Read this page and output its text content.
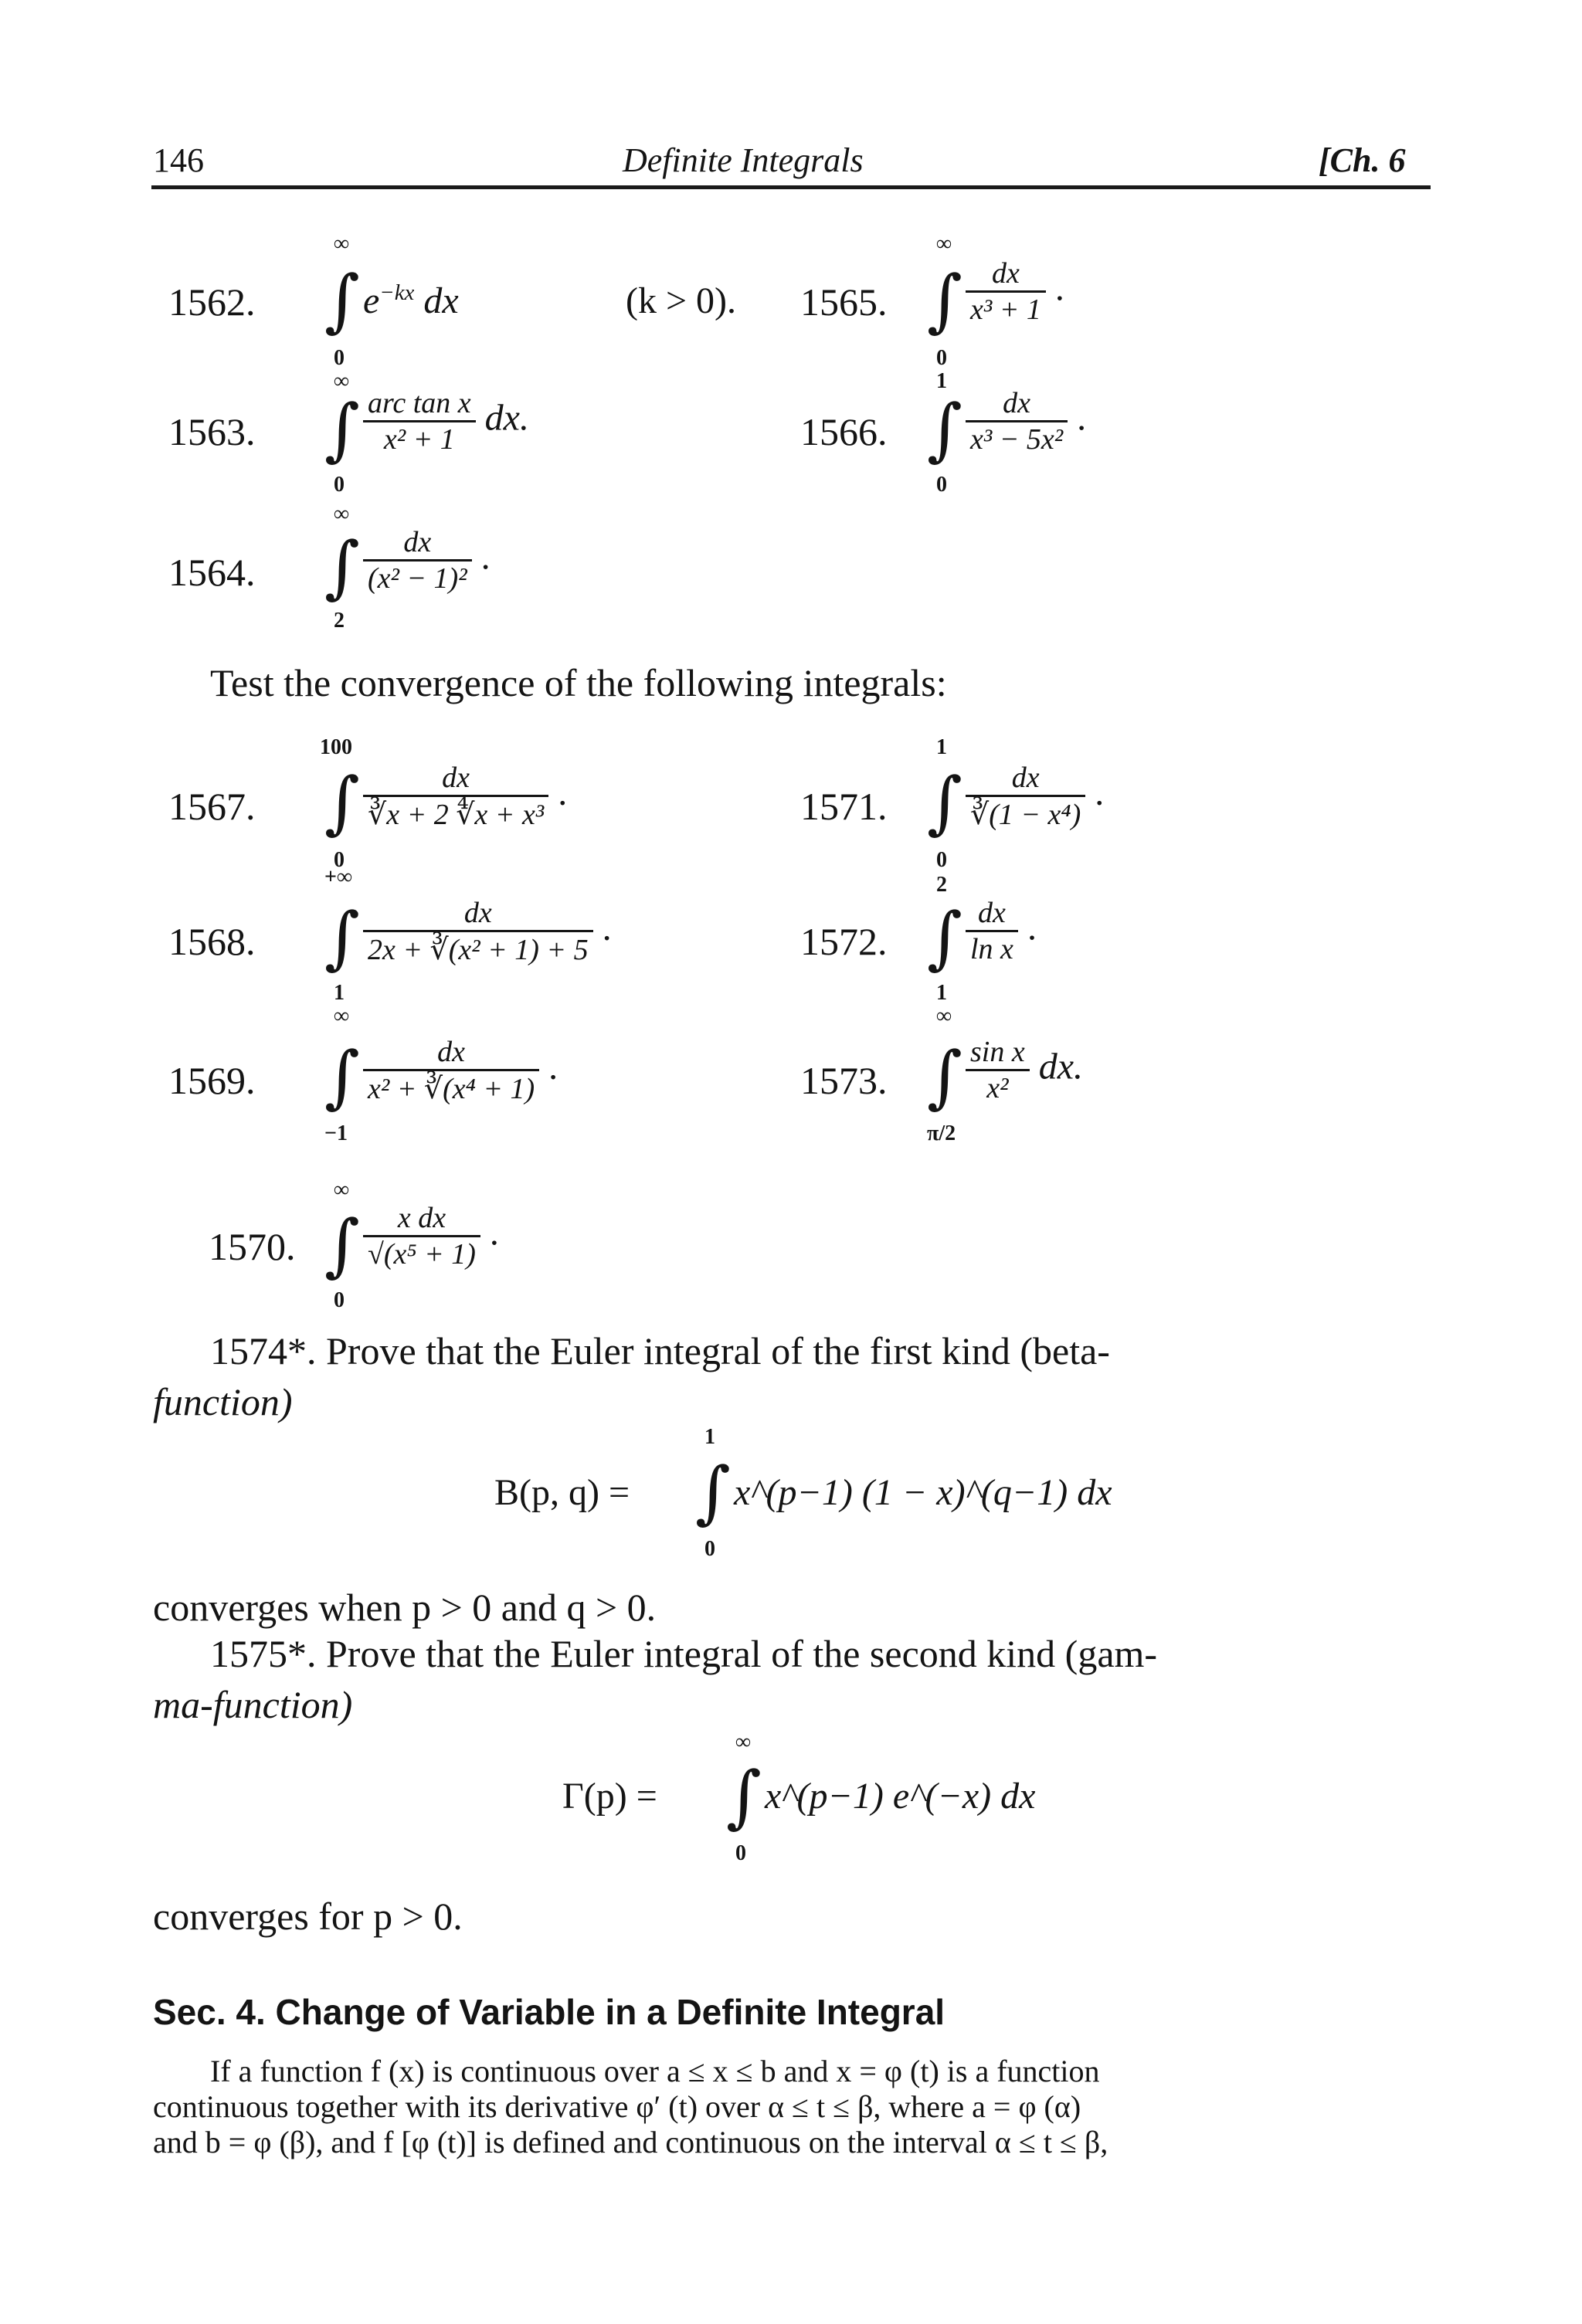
146	Definite Integrals	[Ch. 6
1562.
∞
∫
0
$e^{-kx}$ dx	(k > 0).
1563.
∞
∫
0
$\frac{\text{arc tan x}}{\text{x² + 1}}$ dx.
1564.
∞
∫
2
$\frac{dx}{\text{(x² − 1)²}}$ .
1565.
∞
∫
0
$\frac{dx}{\text{x³ + 1}}$ .
1566.
1
∫
0
$\frac{dx}{\text{x³ − 5x²}}$ .
Test the convergence of the following integrals:
1567.
100
∫
0
$\frac{dx}{\text{∛x + 2 ∜x + x³}}$ .
1568.
+∞
∫
1
$\frac{dx}{\text{2x + ∛(x² + 1) + 5}}$ .
1569.
∞
∫
−1
$\frac{dx}{\text{x² + ∛(x⁴ + 1)}}$ .
1570.
∞
∫
0
$\frac{\text{x dx}}{\text{√(x⁵ + 1)}}$ .
1571.
1
∫
0
$\frac{dx}{\text{∛(1 − x⁴)}}$ .
1572.
2
∫
1
$\frac{dx}{\text{ln x}}$ .
1573.
∞
∫
π/2
$\frac{\text{sin x}}{\text{x²}}$ dx.
1574*. Prove that the Euler integral of the first kind (beta-
function)
B(p, q) =
1
∫
0
x^(p−1) (1 − x)^(q−1) dx
converges when p > 0 and q > 0.
1575*. Prove that the Euler integral of the second kind (gam-
ma-function)
Γ(p) =
∞
∫
0
x^(p−1) e^(−x) dx
converges for p > 0.
Sec. 4. Change of Variable in a Definite Integral
If a function f (x) is continuous over a ≤ x ≤ b and x = φ (t) is a function
continuous together with its derivative φ′ (t) over α ≤ t ≤ β, where a = φ (α)
and b = φ (β), and f [φ (t)] is defined and continuous on the interval α ≤ t ≤ β,
